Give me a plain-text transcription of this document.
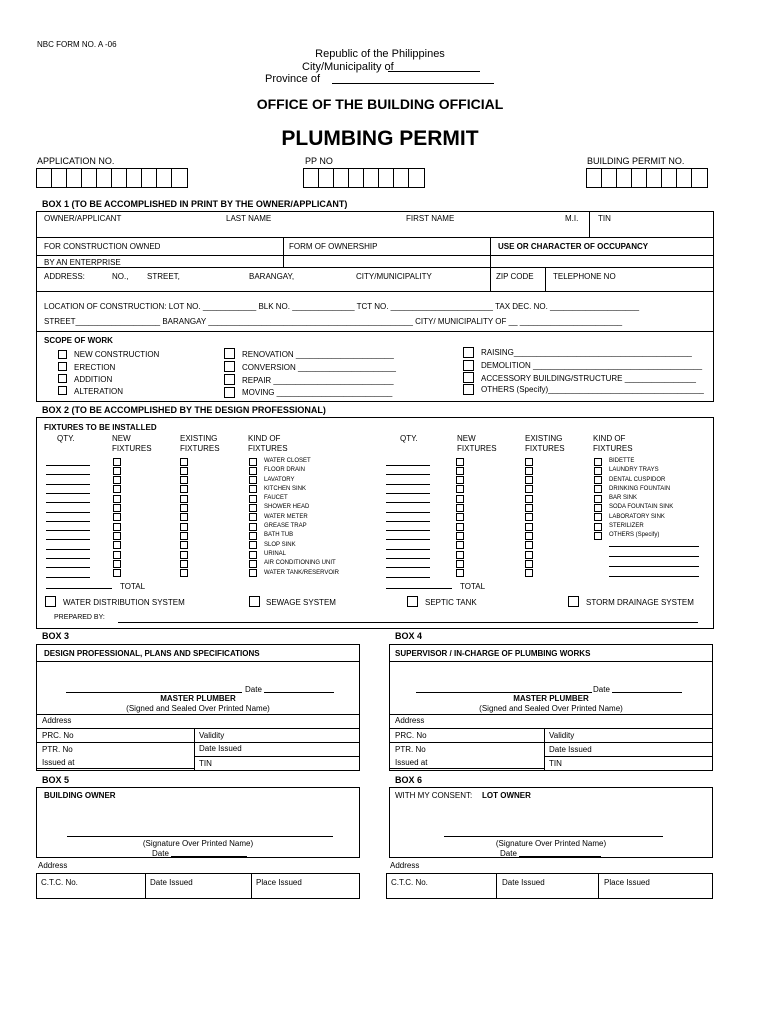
NBC FORM NO. A -06
Republic of the Philippines
City/Municipality of
Province of
OFFICE OF THE BUILDING OFFICIAL
PLUMBING PERMIT
APPLICATION NO.	PP NO	BUILDING PERMIT NO.
BOX 1 (TO BE ACCOMPLISHED IN PRINT BY THE OWNER/APPLICANT)
OWNER/APPLICANT	LAST NAME	FIRST NAME	M.I. TIN
FOR CONSTRUCTION OWNED	FORM OF OWNERSHIP	USE OR CHARACTER OF OCCUPANCY
BY AN ENTERPRISE
ADDRESS:	NO., STREET,	BARANGAY,	CITY/MUNICIPALITY	ZIP CODE TELEPHONE NO
LOCATION OF CONSTRUCTION: LOT NO. ____________ BLK NO. ______________ TCT NO. _______________________ TAX DEC. NO. ____________________
STREET___________________ BARANGAY ______________________________________________ CITY/ MUNICIPALITY OF __ _______________________
SCOPE OF WORK
NEW CONSTRUCTION
ERECTION
ADDITION
ALTERATION
RENOVATION ______________________
CONVERSION ______________________
REPAIR ___________________________
MOVING __________________________
RAISING________________________________________
DEMOLITION ______________________________________
ACCESSORY BUILDING/STRUCTURE ________________
OTHERS (Specify)___________________________________
BOX 2 (TO BE ACCOMPLISHED BY THE DESIGN PROFESSIONAL)
FIXTURES TO BE INSTALLED
QTY.	NEW
FIXTURES
EXISTING
FIXTURES
KIND OF
FIXTURES
QTY.	NEW
FIXTURES
EXISTING
FIXTURES
KIND OF
FIXTURES
WATER CLOSET
FLOOR DRAIN
LAVATORY
KITCHEN SINK
FAUCET
SHOWER HEAD
WATER METER
GREASE TRAP
BATH TUB
SLOP SINK
URINAL
AIR CONDITIONING UNIT
WATER TANK/RESERVOIR
BIDETTE
LAUNDRY TRAYS
DENTAL CUSPIDOR
DRINKING FOUNTAIN
BAR SINK
SODA FOUNTAIN SINK
LABORATORY SINK
STERILIZER
OTHERS (Specify)
TOTAL	TOTAL
WATER DISTRIBUTION SYSTEM	SEWAGE SYSTEM	SEPTIC TANK	STORM DRAINAGE SYSTEM
PREPARED BY:
BOX 3
DESIGN PROFESSIONAL, PLANS AND SPECIFICATIONS
Date
MASTER PLUMBER
(Signed and Sealed Over Printed Name)
Address
PRC. No	Validity
PTR. No	Date Issued
Issued at	TIN
BOX 4
SUPERVISOR / IN-CHARGE OF PLUMBING WORKS
Date
MASTER PLUMBER
(Signed and Sealed Over Printed Name)
Address
PRC. No	Validity
PTR. No	Date Issued
Issued at	TIN
BOX 5
BUILDING OWNER
(Signature Over Printed Name)
Date
Address
C.T.C. No.	Date Issued	Place Issued
BOX 6
WITH MY CONSENT: LOT OWNER
(Signature Over Printed Name)
Date
Address
C.T.C. No.	Date Issued	Place Issued
